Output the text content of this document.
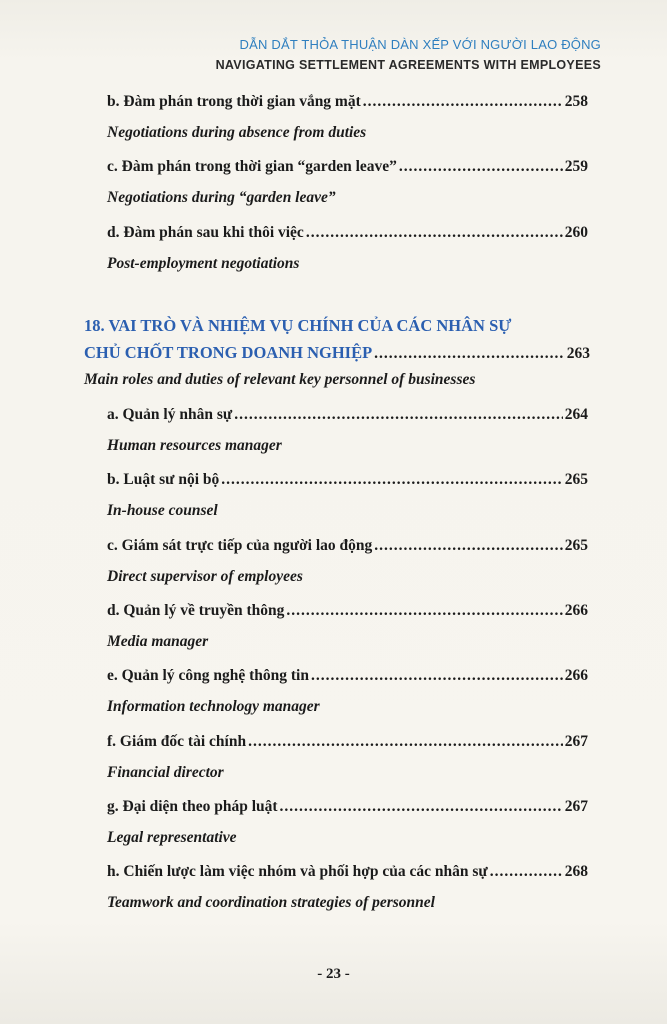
DẪN DẮT THỎA THUẬN DÀN XẾP VỚI NGƯỜI LAO ĐỘNG
NAVIGATING SETTLEMENT AGREEMENTS WITH EMPLOYEES
b. Đàm phán trong thời gian vắng mặt .....	258
Negotiations during absence from duties
c. Đàm phán trong thời gian “garden leave” .....	259
Negotiations during “garden leave”
d. Đàm phán sau khi thôi việc .....	260
Post-employment negotiations
18. VAI TRÒ VÀ NHIỆM VỤ CHÍNH CỦA CÁC NHÂN SỰ
CHỦ CHỐT TRONG DOANH NGHIỆP .....	263
Main roles and duties of relevant key personnel of businesses
a. Quản lý nhân sự .....	264
Human resources manager
b. Luật sư nội bộ .....	265
In-house counsel
c. Giám sát trực tiếp của người lao động .....	265
Direct supervisor of employees
d. Quản lý về truyền thông .....	266
Media manager
e. Quản lý công nghệ thông tin .....	266
Information technology manager
f. Giám đốc tài chính .....	267
Financial director
g. Đại diện theo pháp luật .....	267
Legal representative
h. Chiến lược làm việc nhóm và phối hợp của các nhân sự .....	268
Teamwork and coordination strategies of personnel
- 23 -
